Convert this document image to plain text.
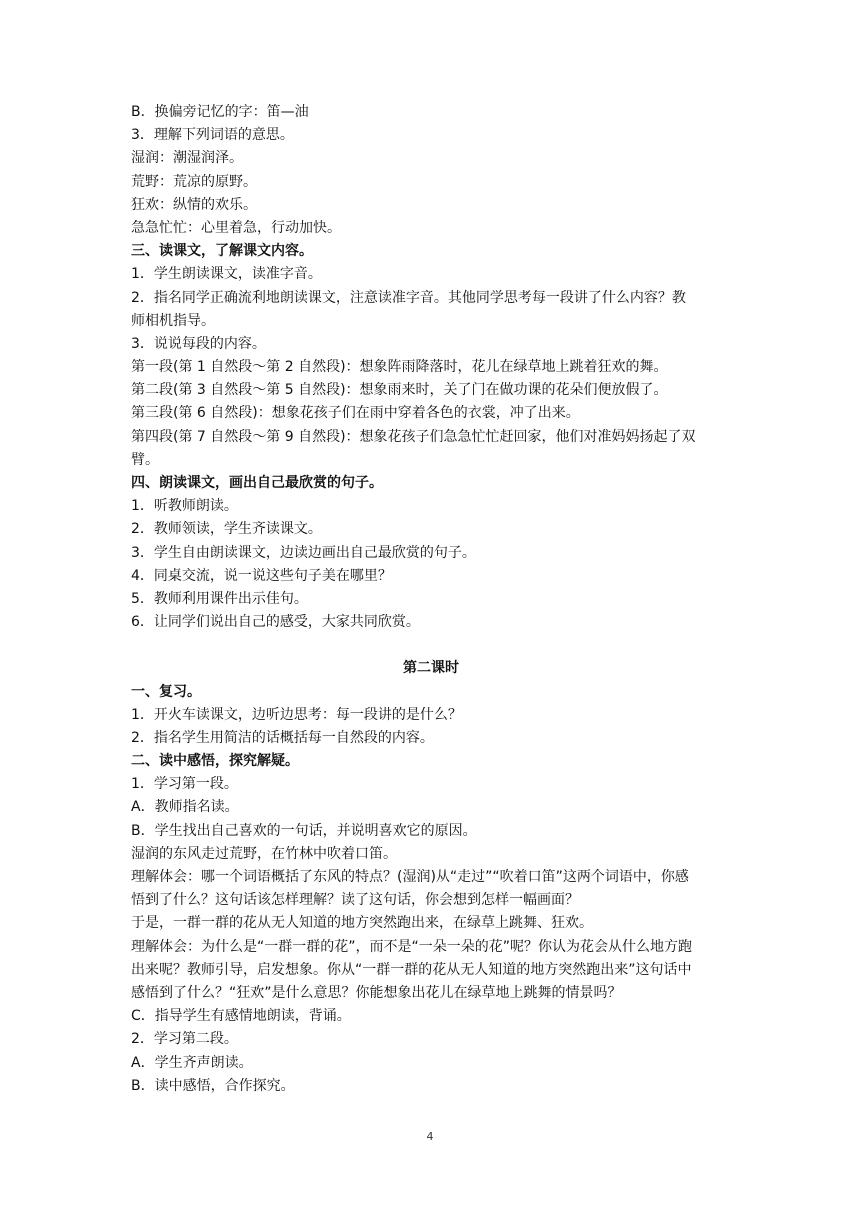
B．换偏旁记忆的字：笛—油
3．理解下列词语的意思。
湿润：潮湿润泽。
荒野：荒凉的原野。
狂欢：纵情的欢乐。
急急忙忙：心里着急，行动加快。
三、读课文，了解课文内容。
1．学生朗读课文，读准字音。
2．指名同学正确流利地朗读课文，注意读准字音。其他同学思考每一段讲了什么内容？教
师相机指导。
3．说说每段的内容。
第一段(第 1 自然段～第 2 自然段)：想象阵雨降落时，花儿在绿草地上跳着狂欢的舞。
第二段(第 3 自然段～第 5 自然段)：想象雨来时，关了门在做功课的花朵们便放假了。
第三段(第 6 自然段)：想象花孩子们在雨中穿着各色的衣裳，冲了出来。
第四段(第 7 自然段～第 9 自然段)：想象花孩子们急急忙忙赶回家，他们对准妈妈扬起了双
臂。
四、朗读课文，画出自己最欣赏的句子。
1．听教师朗读。
2．教师领读，学生齐读课文。
3．学生自由朗读课文，边读边画出自己最欣赏的句子。
4．同桌交流，说一说这些句子美在哪里？
5．教师利用课件出示佳句。
6．让同学们说出自己的感受，大家共同欣赏。
第二课时
一、复习。
1．开火车读课文，边听边思考：每一段讲的是什么？
2．指名学生用简洁的话概括每一自然段的内容。
二、读中感悟，探究解疑。
1．学习第一段。
A．教师指名读。
B．学生找出自己喜欢的一句话，并说明喜欢它的原因。
湿润的东风走过荒野，在竹林中吹着口笛。
理解体会：哪一个词语概括了东风的特点？(湿润)从“走过”“吹着口笛”这两个词语中，你感
悟到了什么？这句话该怎样理解？读了这句话，你会想到怎样一幅画面？
于是，一群一群的花从无人知道的地方突然跑出来，在绿草上跳舞、狂欢。
理解体会：为什么是“一群一群的花”，而不是“一朵一朵的花”呢？你认为花会从什么地方跑
出来呢？教师引导，启发想象。你从“一群一群的花从无人知道的地方突然跑出来”这句话中
感悟到了什么？“狂欢”是什么意思？你能想象出花儿在绿草地上跳舞的情景吗？
C．指导学生有感情地朗读，背诵。
2．学习第二段。
A．学生齐声朗读。
B．读中感悟，合作探究。
4
